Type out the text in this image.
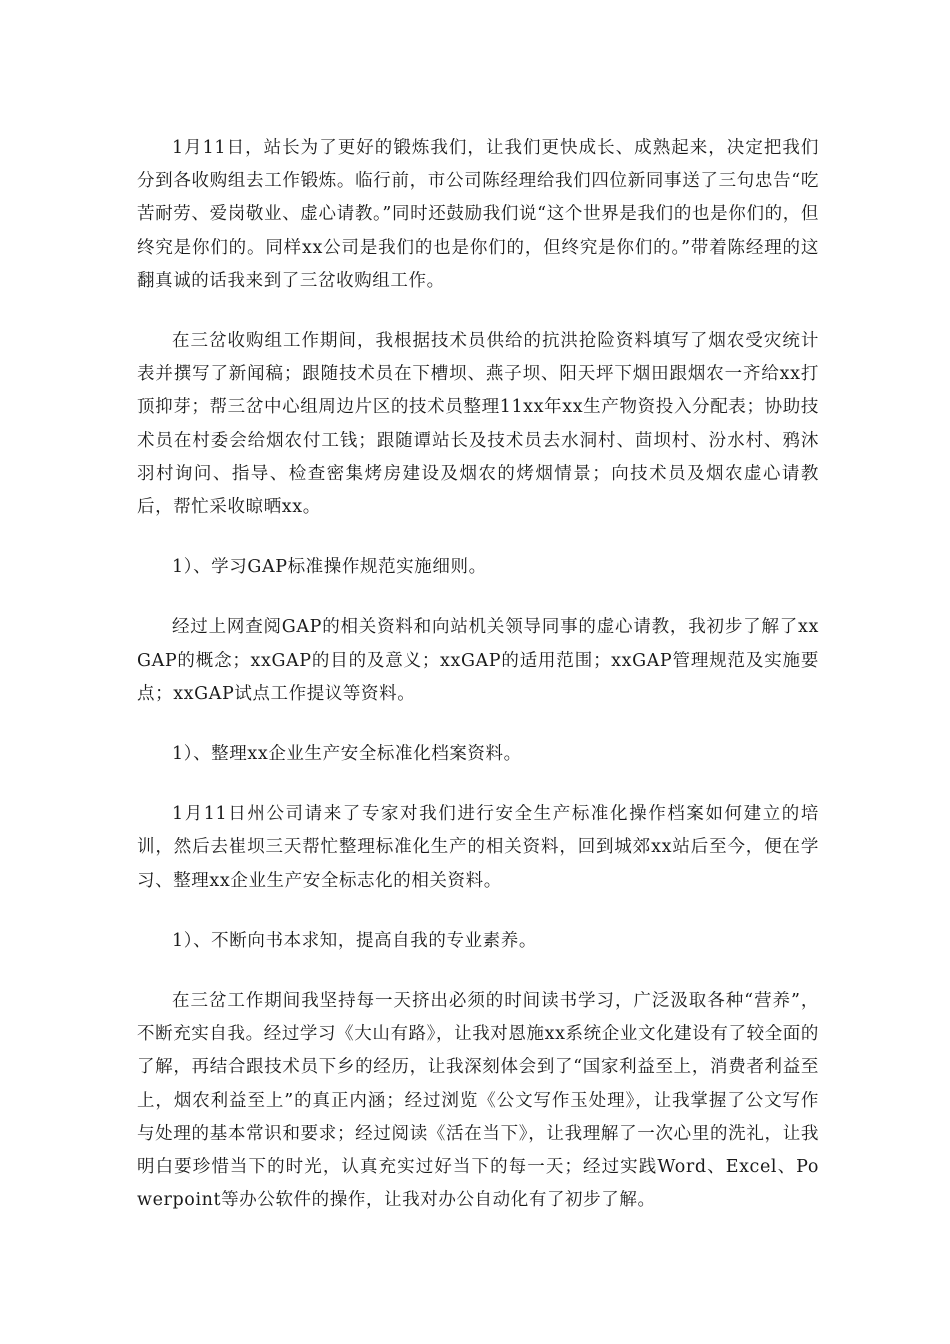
1月11日，站长为了更好的锻炼我们，让我们更快成长、成熟起来，决定把我们分到各收购组去工作锻炼。临行前，市公司陈经理给我们四位新同事送了三句忠告“吃苦耐劳、爱岗敬业、虚心请教。”同时还鼓励我们说“这个世界是我们的也是你们的，但终究是你们的。同样xx公司是我们的也是你们的，但终究是你们的。”带着陈经理的这翻真诚的话我来到了三岔收购组工作。

在三岔收购组工作期间，我根据技术员供给的抗洪抢险资料填写了烟农受灾统计表并撰写了新闻稿；跟随技术员在下槽坝、燕子坝、阳天坪下烟田跟烟农一齐给xx打顶抑芽；帮三岔中心组周边片区的技术员整理11xx年xx生产物资投入分配表；协助技术员在村委会给烟农付工钱；跟随谭站长及技术员去水洞村、茴坝村、汾水村、鸦沐羽村询问、指导、检查密集烤房建设及烟农的烤烟情景；向技术员及烟农虚心请教后，帮忙采收晾晒xx。

1）、学习GAP标准操作规范实施细则。

经过上网查阅GAP的相关资料和向站机关领导同事的虚心请教，我初步了解了xxGAP的概念；xxGAP的目的及意义；xxGAP的适用范围；xxGAP管理规范及实施要点；xxGAP试点工作提议等资料。

1）、整理xx企业生产安全标准化档案资料。

1月11日州公司请来了专家对我们进行安全生产标准化操作档案如何建立的培训，然后去崔坝三天帮忙整理标准化生产的相关资料，回到城郊xx站后至今，便在学习、整理xx企业生产安全标志化的相关资料。

1）、不断向书本求知，提高自我的专业素养。

在三岔工作期间我坚持每一天挤出必须的时间读书学习，广泛汲取各种“营养”，不断充实自我。经过学习《大山有路》，让我对恩施xx系统企业文化建设有了较全面的了解，再结合跟技术员下乡的经历，让我深刻体会到了“国家利益至上，消费者利益至上，烟农利益至上”的真正内涵；经过浏览《公文写作玉处理》，让我掌握了公文写作与处理的基本常识和要求；经过阅读《活在当下》，让我理解了一次心里的洗礼，让我明白要珍惜当下的时光，认真充实过好当下的每一天；经过实践Word、Excel、Powerpoint等办公软件的操作，让我对办公自动化有了初步了解。
